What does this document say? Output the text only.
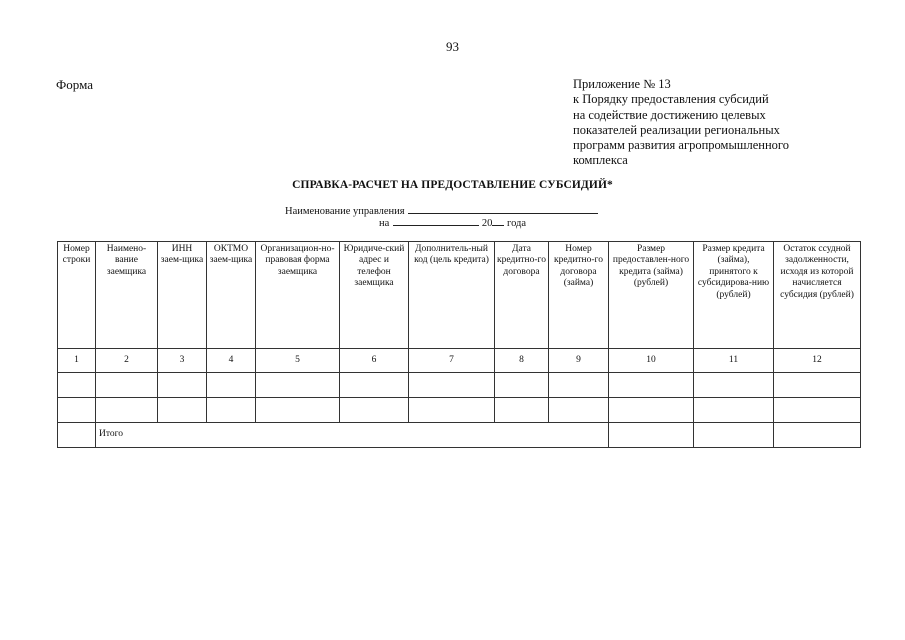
93
Форма	Приложение № 13
к Порядку предоставления субсидий
на содействие достижению целевых
показателей реализации региональных
программ развития агропромышленного
комплекса
СПРАВКА-РАСЧЕТ НА ПРЕДОСТАВЛЕНИЕ СУБСИДИЙ*
Наименование управления
на	20 года
Номер строки	Наимено-вание заемщика	ИНН заем-щика	ОКТМО заем-щика	Организацион-но-правовая форма заемщика	Юридиче-ский адрес и телефон заемщика	Дополнитель-ный код (цель кредита)	Дата кредитно-го договора	Номер кредитно-го договора (займа)	Размер предоставлен-ного кредита (займа) (рублей)	Размер кредита (займа), принятого к субсидирова-нию (рублей)	Остаток ссудной задолженности, исходя из которой начисляется субсидия (рублей)
1	2	3	4	5	6	7	8	9	10	11	12

	Итого										
